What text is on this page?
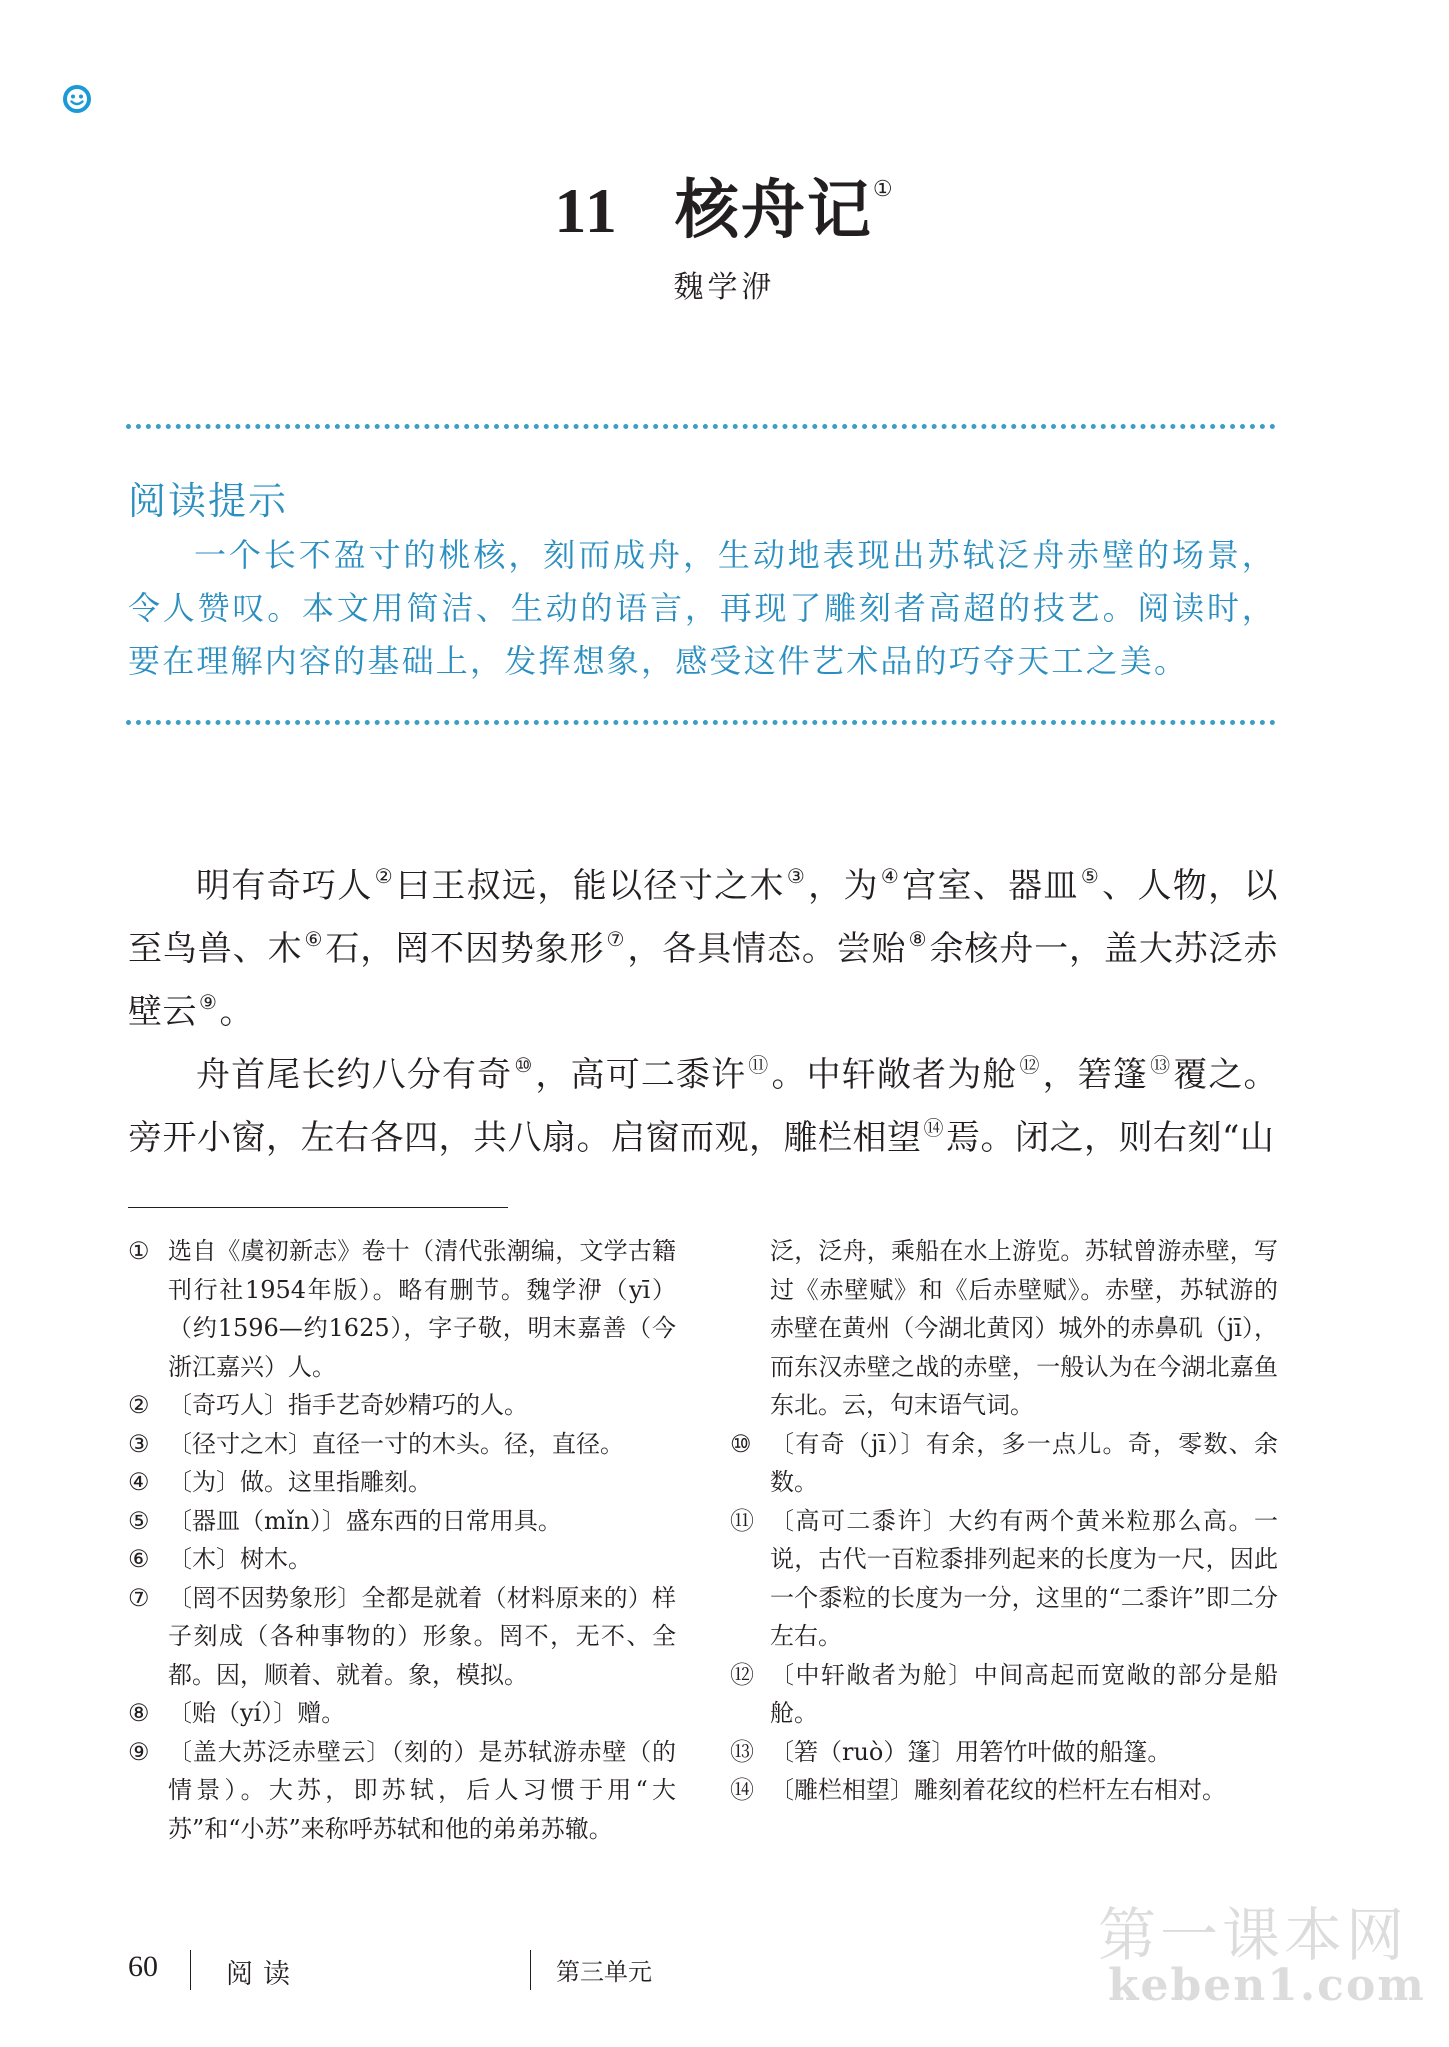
11 核舟记①
魏学洢
阅读提示
一个长不盈寸的桃核，刻而成舟，生动地表现出苏轼泛舟赤壁的场景，令人赞叹。本文用简洁、生动的语言，再现了雕刻者高超的技艺。阅读时，要在理解内容的基础上，发挥想象，感受这件艺术品的巧夺天工之美。

明有奇巧人 ②曰王叔远，能以径寸之木 ③，为 ④宫室、器皿 ⑤、人物，以至鸟兽、木 ⑥石，罔不因势象形 ⑦，各具情态。尝贻 ⑧余核舟一，盖大苏泛赤壁云 ⑨。

舟首尾长约八分有奇 ⑩，高可二黍许 ⑪。中轩敞者为舱 ⑫，箬篷 ⑬覆之。旁开小窗，左右各四，共八扇。启窗而观，雕栏相望 ⑭焉。闭之，则右刻“山

① 选自《虞初新志》卷十（清代张潮编，文学古籍刊行社1954年版）。略有删节。魏学洢（yī）（约1596—约1625），字子敬，明末嘉善（今浙江嘉兴）人。
② 〔奇巧人〕指手艺奇妙精巧的人。
③ 〔径寸之木〕直径一寸的木头。径，直径。
④ 〔为〕做。这里指雕刻。
⑤ 〔器皿（mǐn）〕盛东西的日常用具。
⑥ 〔木〕树木。
⑦ 〔罔不因势象形〕全都是就着（材料原来的）样子刻成（各种事物的）形象。罔不，无不、全都。因，顺着、就着。象，模拟。
⑧ 〔贻（yí）〕赠。
⑨ 〔盖大苏泛赤壁云〕（刻的）是苏轼游赤壁（的情景）。大苏，即苏轼，后人习惯于用“大苏”和“小苏”来称呼苏轼和他的弟弟苏辙。
泛，泛舟，乘船在水上游览。苏轼曾游赤壁，写过《赤壁赋》和《后赤壁赋》。赤壁，苏轼游的赤壁在黄州（今湖北黄冈）城外的赤鼻矶（jī），而东汉赤壁之战的赤壁，一般认为在今湖北嘉鱼东北。云，句末语气词。
⑩ 〔有奇（jī）〕有余，多一点儿。奇，零数、余数。
⑪ 〔高可二黍许〕大约有两个黄米粒那么高。一说，古代一百粒黍排列起来的长度为一尺，因此一个黍粒的长度为一分，这里的“二黍许”即二分左右。
⑫ 〔中轩敞者为舱〕中间高起而宽敞的部分是船舱。
⑬ 〔箬（ruò）篷〕用箬竹叶做的船篷。
⑭ 〔雕栏相望〕雕刻着花纹的栏杆左右相对。
60	阅读	第三单元
第一课本网
keben1.com
